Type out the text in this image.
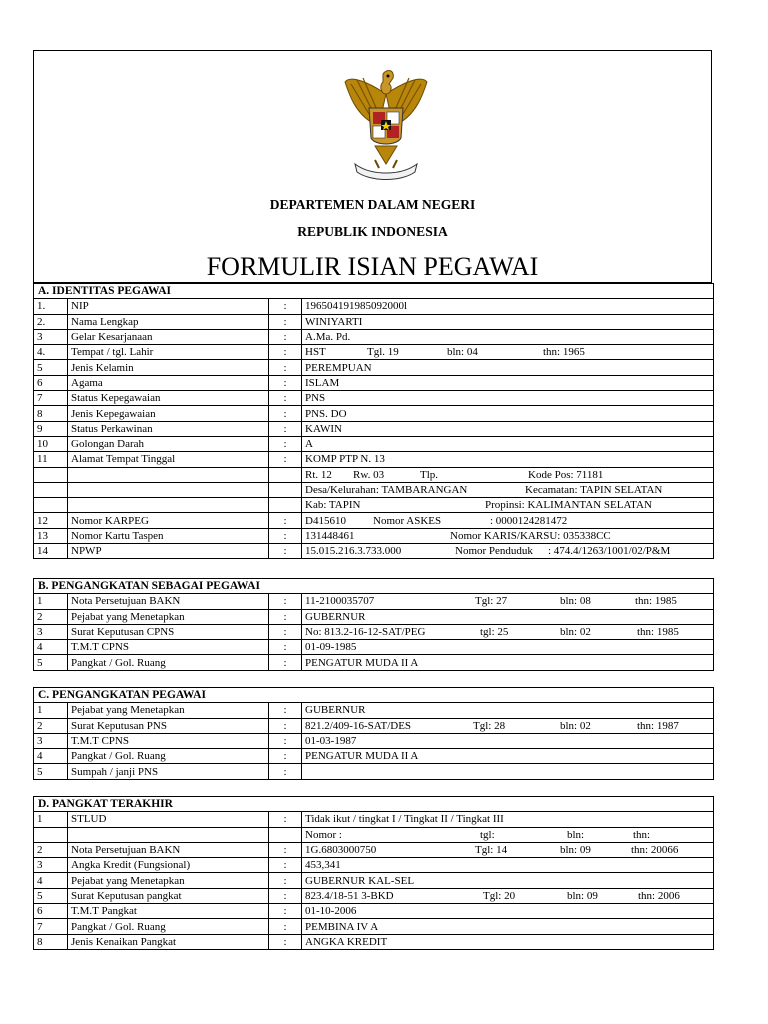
DEPARTEMEN DALAM NEGERI
REPUBLIK INDONESIA
FORMULIR ISIAN PEGAWAI
A. IDENTITAS PEGAWAI			
1.	NIP	:	196504191985092000l

2.	Nama Lengkap	:	WINIYARTI

3	Gelar Kesarjanaan	:	A.Ma. Pd.

4.	Tempat / tgl. Lahir	:	HST Tgl. 19 bln: 04 thn: 1965

5	Jenis Kelamin	:	PEREMPUAN

6	Agama	:	ISLAM

7	Status Kepegawaian	:	PNS

8	Jenis Kepegawaian	:	PNS. DO

9	Status Perkawinan	:	KAWIN

10	Golongan Darah	:	A

11	Alamat Tempat Tinggal	:	KOMP PTP N. 13

			Rt. 12 Rw. 03 Tlp. Kode Pos: 71181

			Desa/Kelurahan: TAMBARANGAN Kecamatan: TAPIN SELATAN

			Kab: TAPIN Propinsi: KALIMANTAN SELATAN

12	Nomor KARPEG	:	D415610 Nomor ASKES : 0000124281472

13	Nomor Kartu Taspen	:	131448461 Nomor KARIS/KARSU: 035338CC

14	NPWP	:	15.015.216.3.733.000 Nomor Penduduk : 474.4/1263/1001/02/P&M
B. PENGANGKATAN SEBAGAI PEGAWAI			
1	Nota Persetujuan BAKN	:	11-2100035707 Tgl: 27 bln: 08 thn: 1985

2	Pejabat yang Menetapkan	:	GUBERNUR

3	Surat Keputusan CPNS	:	No: 813.2-16-12-SAT/PEG tgl: 25 bln: 02 thn: 1985

4	T.M.T CPNS	:	01-09-1985

5	Pangkat / Gol. Ruang	:	PENGATUR MUDA II A
C. PENGANGKATAN PEGAWAI			
1	Pejabat yang Menetapkan	:	GUBERNUR

2	Surat Keputusan PNS	:	821.2/409-16-SAT/DES Tgl: 28 bln: 02 thn: 1987

3	T.M.T CPNS	:	01-03-1987

4	Pangkat / Gol. Ruang	:	PENGATUR MUDA II A

5	Sumpah / janji PNS	:	
D. PANGKAT TERAKHIR			
1	STLUD	:	Tidak ikut / tingkat I / Tingkat II / Tingkat III

			Nomor : tgl: bln: thn:

2	Nota Persetujuan BAKN	:	1G.6803000750 Tgl: 14 bln: 09 thn: 20066

3	Angka Kredit (Fungsional)	:	453,341

4	Pejabat yang Menetapkan	:	GUBERNUR KAL-SEL

5	Surat Keputusan pangkat	:	823.4/18-51 3-BKD Tgl: 20 bln: 09 thn: 2006

6	T.M.T Pangkat	:	01-10-2006

7	Pangkat / Gol. Ruang	:	PEMBINA IV A

8	Jenis Kenaikan Pangkat	:	ANGKA KREDIT
